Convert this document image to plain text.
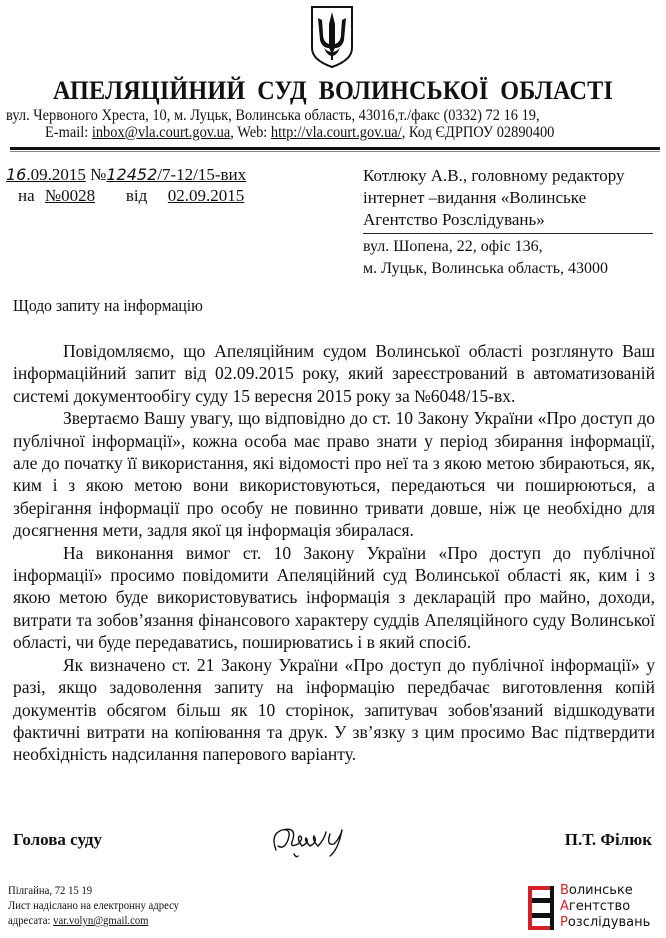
АПЕЛЯЦІЙНИЙ СУД ВОЛИНСЬКОЇ ОБЛАСТІ
вул. Червоного Хреста, 10, м. Луцьк, Волинська область, 43016,т./факс (0332) 72 16 19,
E-mail: inbox@vla.court.gov.ua, Web: http://vla.court.gov.ua/, Код ЄДРПОУ 02890400
16.09.2015 №12452/7-12/15-вих
на №0028 від 02.09.2015
Котлюку А.В., головному редактору
інтернет –видання «Волинське
Агентство Розслідувань»
вул. Шопена, 22, офіс 136,
м. Луцьк, Волинська область, 43000
Щодо запиту на інформацію

Повідомляємо, що Апеляційним судом Волинської області розглянуто Ваш інформаційний запит від 02.09.2015 року, який зареєстрований в автоматизованій системі документообігу суду 15 вересня 2015 року за №6048/15-вх.

Звертаємо Вашу увагу, що відповідно до ст. 10 Закону України «Про доступ до публічної інформації», кожна особа має право знати у період збирання інформації, але до початку її використання, які відомості про неї та з якою метою збираються, як, ким і з якою метою вони використовуються, передаються чи поширюються, а зберігання інформації про особу не повинно тривати довше, ніж це необхідно для досягнення мети, задля якої ця інформація збиралася.

На виконання вимог ст. 10 Закону України «Про доступ до публічної інформації» просимо повідомити Апеляційний суд Волинської області як, ким і з якою метою буде використовуватись інформація з декларацій про майно, доходи, витрати та зобов’язання фінансового характеру суддів Апеляційного суду Волинської області, чи буде передаватись, поширюватись і в який спосіб.

Як визначено ст. 21 Закону України «Про доступ до публічної інформації» у разі, якщо задоволення запиту на інформацію передбачає виготовлення копій документів обсягом більш як 10 сторінок, запитувач зобов'язаний відшкодувати фактичні витрати на копіювання та друк. У зв’язку з цим просимо Вас підтвердити необхідність надсилання паперового варіанту.

Голова суду	П.Т. Філюк
Пілгайна, 72 15 19
Лист надіслано на електронну адресу
адресата: var.volyn@gmail.com
Волинське
Агентство
Розслідувань
